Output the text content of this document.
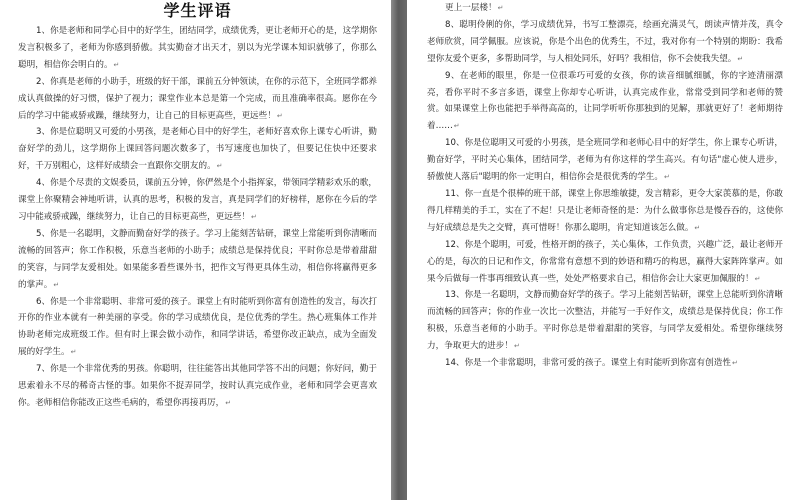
学生评语

1、你是老师和同学心目中的好学生，团结同学，成绩优秀，更让老师开心的是，这学期你发言积极多了，老师为你感到骄傲。其实勤奋才出天才，别以为光学课本知识就够了，你那么聪明，相信你会明白的。↵

2、你真是老师的小助手，班级的好干部，课前五分钟领读，在你的示范下，全班同学都养成认真做操的好习惯，保护了视力；课堂作业本总是第一个完成，而且准确率很高。愿你在今后的学习中能戒骄戒躁，继续努力，让自己的目标更高些，更远些！↵

3、你是位聪明又可爱的小男孩，是老师心目中的好学生，老师好喜欢你上课专心听讲，勤奋好学的劲儿，这学期你上课回答问题次数多了，书写速度也加快了，但要记住快中还要求好，千万别粗心，这样好成绩会一直跟你交朋友的。↵

4、你是个尽责的文娱委员，课前五分钟，你俨然是个小指挥家，带领同学精彩欢乐的歌，课堂上你聚精会神地听讲，认真的思考，积极的发言，真是同学们的好榜样，愿你在今后的学习中能戒骄戒躁，继续努力，让自己的目标更高些，更远些！↵

5、你是一名聪明，文静而勤奋好学的孩子。学习上能刻苦钻研，课堂上常能听到你清晰而流畅的回答声；你工作积极，乐意当老师的小助手；成绩总是保持优良；平时你总是带着甜甜的笑容，与同学友爱相处。如果能多看些课外书，把作文写得更具体生动，相信你将赢得更多的掌声。↵

6、你是一个非常聪明、非常可爱的孩子。课堂上有时能听到你富有创造性的发言，每次打开你的作业本就有一种美丽的享受。你的学习成绩优良，是位优秀的学生。热心班集体工作并协助老师完成班级工作。但有时上课会做小动作，和同学讲话，希望你改正缺点，成为全面发展的好学生。↵

7、你是一个非常优秀的男孩。你聪明，往往能答出其他同学答不出的问题；你好问，勤于思索着永不尽的稀奇古怪的事。如果你不捉弄同学，按时认真完成作业，老师和同学会更喜欢你。老师相信你能改正这些毛病的，希望你再接再厉，↵

更上一层楼！↵

8、聪明伶俐的你，学习成绩优异，书写工整漂亮，绘画充满灵气，朗读声情并茂，真令老师欣赏，同学佩服。应该说，你是个出色的优秀生，不过，我对你有一个特别的期盼：我希望你友爱个更多，多帮助同学，与人相处同乐，好吗？我相信，你不会使我失望。↵

9、在老师的眼里，你是一位很乖巧可爱的女孩，你的读音细腻细腻，你的字迹清丽漂亮，看你平时不多言多语，课堂上你却专心听讲，认真完成作业，常常受到同学和老师的赞赏。如果课堂上你也能把手举得高高的，让同学听听你那独到的见解，那就更好了！老师期待着……↵

10、你是位聪明又可爱的小男孩，是全班同学和老师心目中的好学生，你上课专心听讲，勤奋好学，平时关心集体，团结同学，老师为有你这样的学生高兴。有句话"虚心使人进步，骄傲使人落后"聪明的你一定明白，相信你会是很优秀的学生。↵

11、你一直是个很棒的班干部，课堂上你思维敏捷，发言精彩，更令大家羡慕的是，你敢得几样精美的手工，实在了不起！只是让老师奇怪的是：为什么做事你总是慢吞吞的，这使你与好成绩总是失之交臂，真可惜呀！你那么聪明，肯定知道该怎么做。↵

12、你是个聪明，可爱，性格开朗的孩子，关心集体，工作负责，兴趣广泛，最让老师开心的是，每次的日记和作文，你常常有意想不到的妙语和精巧的构思，赢得大家阵阵掌声。如果今后做每一件事再细致认真一些，处处严格要求自己，相信你会让大家更加佩服的！↵

13、你是一名聪明，文静而勤奋好学的孩子。学习上能刻苦钻研，课堂上总能听到你清晰而流畅的回答声；你的作业一次比一次整洁，并能写一手好作文，成绩总是保持优良；你工作积极，乐意当老师的小助手。平时你总是带着甜甜的笑容，与同学友爱相处。希望你继续努力，争取更大的进步！↵

14、你是一个非常聪明，非常可爱的孩子。课堂上有时能听到你富有创造性↵
